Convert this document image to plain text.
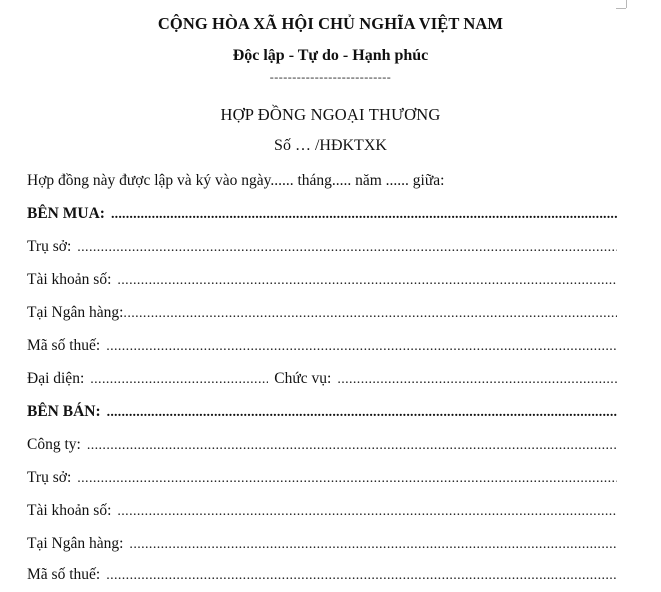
CỘNG HÒA XÃ HỘI CHỦ NGHĨA VIỆT NAM
Độc lập - Tự do - Hạnh phúc
---------------------------
HỢP ĐỒNG NGOẠI THƯƠNG
Số … /HĐKTXK
Hợp đồng này được lập và ký vào ngày...... tháng..... năm ...... giữa:
BÊN MUA:
.....
Trụ sở:
.....
Tài khoản số:
.....
Tại Ngân hàng:
.....
Mã số thuế:
.....
Đại diện:
.....	Chức vụ:
.....
BÊN BÁN:
.....
Công ty:
.....
Trụ sở:
.....
Tài khoản số:
.....
Tại Ngân hàng:
.....
Mã số thuế:
.....
